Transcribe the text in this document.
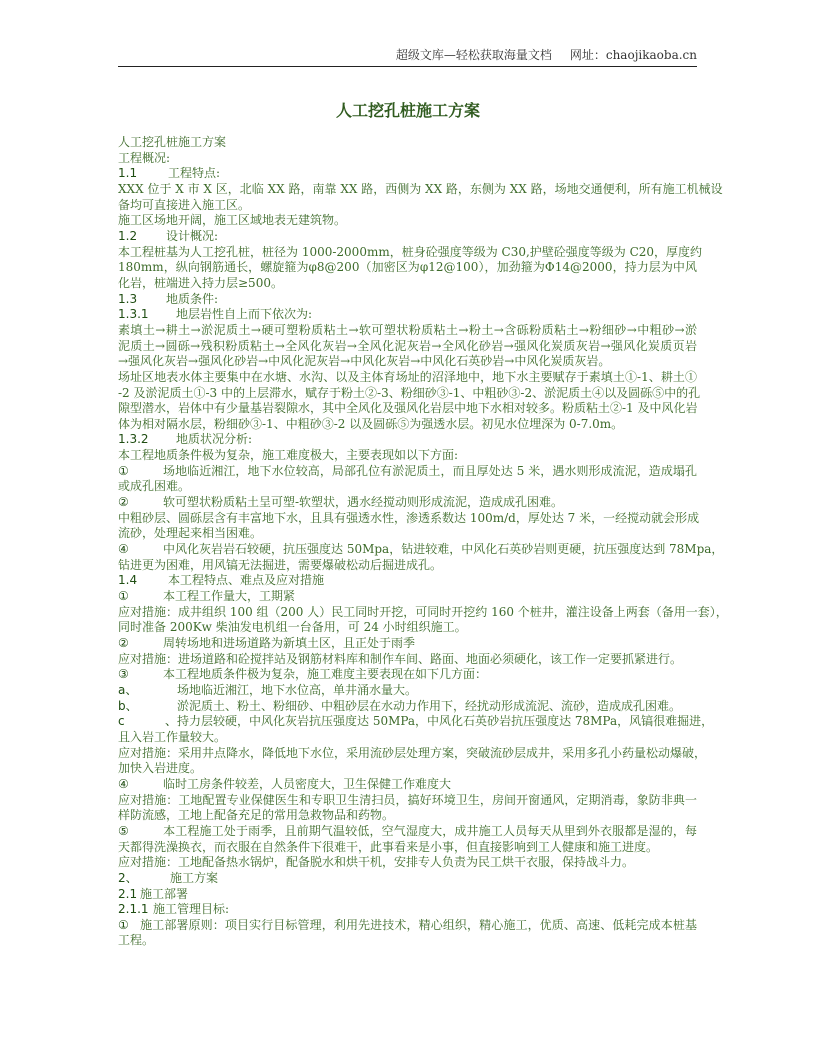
超级文库—轻松获取海量文档 网址：chaojikaoba.cn
人工挖孔桩施工方案
人工挖孔桩施工方案
工程概况:
1.1	工程特点:
XXX 位于 X 市 X 区，北临 XX 路，南靠 XX 路，西侧为 XX 路，东侧为 XX 路，场地交通便利，所有施工机械设
备均可直接进入施工区。
施工区场地开阔，施工区域地表无建筑物。
1.2 设计概况:
本工程桩基为人工挖孔桩，桩径为 1000-2000mm，桩身砼强度等级为 C30,护壁砼强度等级为 C20，厚度约
180mm，纵向钢筋通长，螺旋箍为φ8@200（加密区为φ12@100），加劲箍为Φ14@2000，持力层为中风
化岩，桩端进入持力层≥500。
1.3 地质条件:
1.3.1 地层岩性自上而下依次为:
素填土→耕土→淤泥质土→硬可塑粉质粘土→软可塑状粉质粘土→粉土→含砾粉质粘土→粉细砂→中粗砂→淤
泥质土→圆砾→残积粉质粘土→全风化灰岩→全风化泥灰岩→全风化砂岩→强风化炭质灰岩→强风化炭质页岩
→强风化灰岩→强风化砂岩→中风化泥灰岩→中风化灰岩→中风化石英砂岩→中风化炭质灰岩。
场址区地表水体主要集中在水塘、水沟、以及主体育场址的沼泽地中，地下水主要赋存于素填土①-1、耕土①
-2 及淤泥质土①-3 中的上层滞水，赋存于粉土②-3、粉细砂③-1、中粗砂③-2、淤泥质土④以及圆砾⑤中的孔
隙型潜水，岩体中有少量基岩裂隙水，其中全风化及强风化岩层中地下水相对较多。粉质粘土②-1 及中风化岩
体为相对隔水层，粉细砂③-1、中粗砂③-2 以及圆砾⑤为强透水层。初见水位埋深为 0-7.0m。
1.3.2 地质状况分析:
本工程地质条件极为复杂，施工难度极大，主要表现如以下方面:
①	场地临近湘江，地下水位较高，局部孔位有淤泥质土，而且厚处达 5 米，遇水则形成流泥，造成塌孔
或成孔困难。
②	软可塑状粉质粘土呈可塑-软塑状，遇水经搅动则形成流泥，造成成孔困难。
中粗砂层、圆砾层含有丰富地下水，且具有强透水性，渗透系数达 100m/d，厚处达 7 米，一经搅动就会形成
流砂，处理起来相当困难。
④	中风化灰岩岩石较硬，抗压强度达 50Mpa，钻进较难，中风化石英砂岩则更硬，抗压强度达到 78Mpa，
钻进更为困难，用风镐无法掘进，需要爆破松动后掘进成孔。
1.4	本工程特点、难点及应对措施
①	本工程工作量大，工期紧
应对措施：成井组织 100 组（200 人）民工同时开挖，可同时开挖约 160 个桩井，灌注设备上两套（备用一套），
同时准备 200Kw 柴油发电机组一台备用，可 24 小时组织施工。
②	周转场地和进场道路为新填土区，且正处于雨季
应对措施：进场道路和砼搅拌站及钢筋材料库和制作车间、路面、地面必须硬化，该工作一定要抓紧进行。
③	本工程地质条件极为复杂，施工难度主要表现在如下几方面：
a、	场地临近湘江，地下水位高，单井涌水量大。
b、	淤泥质土、粉土、粉细砂、中粗砂层在水动力作用下，经扰动形成流泥、流砂，造成成孔困难。
c、持力层较硬，中风化灰岩抗压强度达 50MPa，中风化石英砂岩抗压强度达 78MPa，风镐很难掘进，
且入岩工作量较大。
应对措施：采用井点降水，降低地下水位，采用流砂层处理方案，突破流砂层成井，采用多孔小药量松动爆破，
加快入岩进度。
④	临时工房条件较差，人员密度大，卫生保健工作难度大
应对措施：工地配置专业保健医生和专职卫生清扫员，搞好环境卫生，房间开窗通风，定期消毒，象防非典一
样防流感，工地上配备充足的常用急救物品和药物。
⑤	本工程施工处于雨季，且前期气温较低，空气湿度大，成井施工人员每天从里到外衣服都是湿的，每
天都得洗澡换衣，而衣服在自然条件下很难干，此事看来是小事，但直接影响到工人健康和施工进度。
应对措施：工地配备热水锅炉，配备脱水和烘干机，安排专人负责为民工烘干衣服，保持战斗力。
2、	施工方案
2.1 施工部署
2.1.1 施工管理目标:
① 施工部署原则：项目实行目标管理，利用先进技术，精心组织，精心施工，优质、高速、低耗完成本桩基
工程。
